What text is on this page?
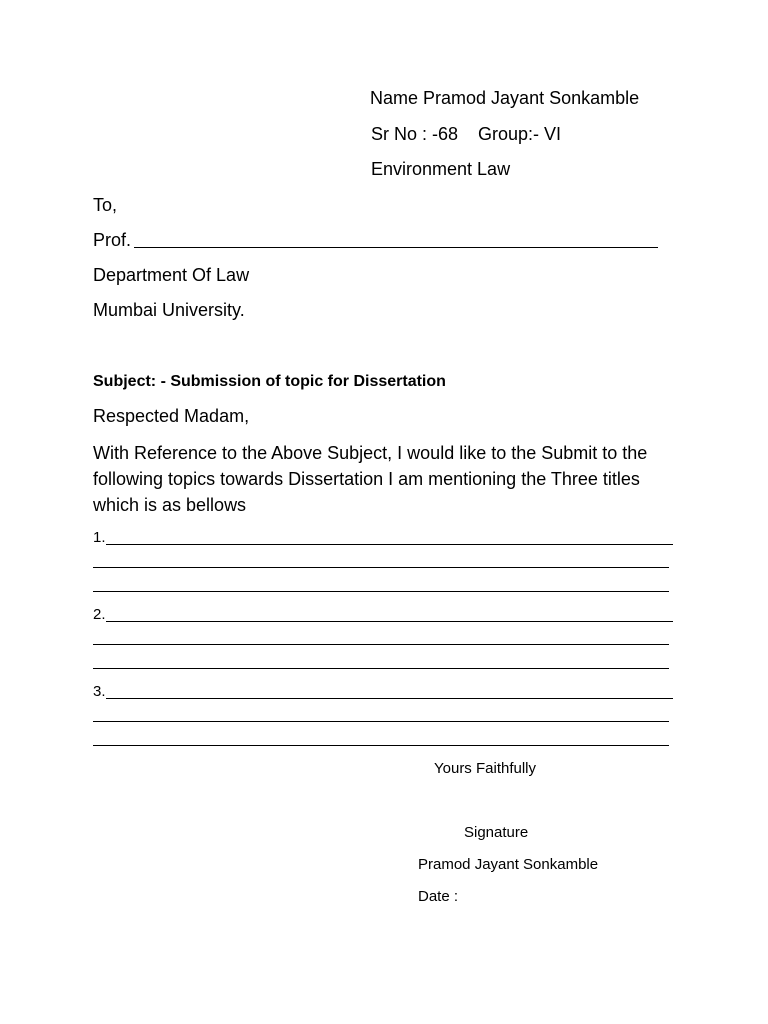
Name Pramod Jayant Sonkamble
Sr No : -68 Group:- VI
Environment Law
To,
Prof.
Department Of Law
Mumbai University.
Subject: - Submission of topic for Dissertation
Respected Madam,
With Reference to the Above Subject, I would like to the Submit to the following topics towards Dissertation I am mentioning the Three titles which is as bellows
1.
2.
3.
Yours Faithfully
Signature
Pramod Jayant Sonkamble
Date :
